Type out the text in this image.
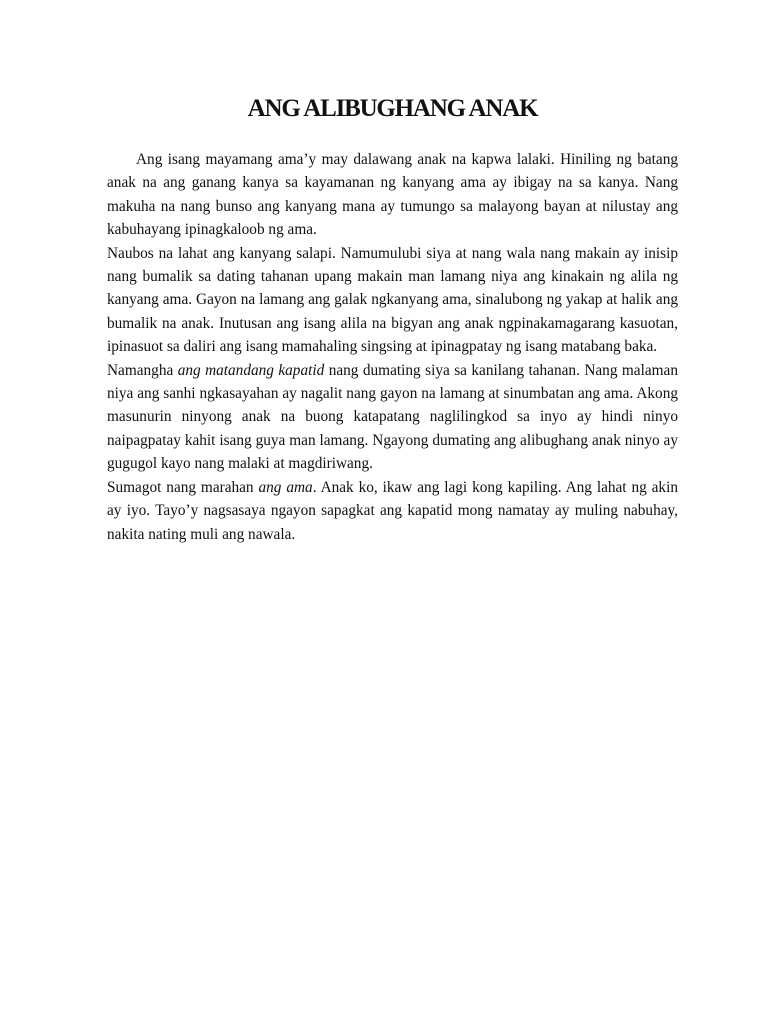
ANG ALIBUGHANG ANAK

Ang isang mayamang ama’y may dalawang anak na kapwa lalaki. Hiniling ng batang anak na ang ganang kanya sa kayamanan ng kanyang ama ay ibigay na sa kanya. Nang makuha na nang bunso ang kanyang mana ay tumungo sa malayong bayan at nilustay ang kabuhayang ipinagkaloob ng ama.

Naubos na lahat ang kanyang salapi. Namumulubi siya at nang wala nang makain ay inisip nang bumalik sa dating tahanan upang makain man lamang niya ang kinakain ng alila ng kanyang ama. Gayon na lamang ang galak ngkanyang ama, sinalubong ng yakap at halik ang bumalik na anak. Inutusan ang isang alila na bigyan ang anak ngpinakamagarang kasuotan, ipinasuot sa daliri ang isang mamahaling singsing at ipinagpatay ng isang matabang baka.

Namangha ang matandang kapatid nang dumating siya sa kanilang tahanan. Nang malaman niya ang sanhi ngkasayahan ay nagalit nang gayon na lamang at sinumbatan ang ama. Akong masunurin ninyong anak na buong katapatang naglilingkod sa inyo ay hindi ninyo naipagpatay kahit isang guya man lamang. Ngayong dumating ang alibughang anak ninyo ay gugugol kayo nang malaki at magdiriwang.

Sumagot nang marahan ang ama. Anak ko, ikaw ang lagi kong kapiling. Ang lahat ng akin ay iyo. Tayo’y nagsasaya ngayon sapagkat ang kapatid mong namatay ay muling nabuhay, nakita nating muli ang nawala.
